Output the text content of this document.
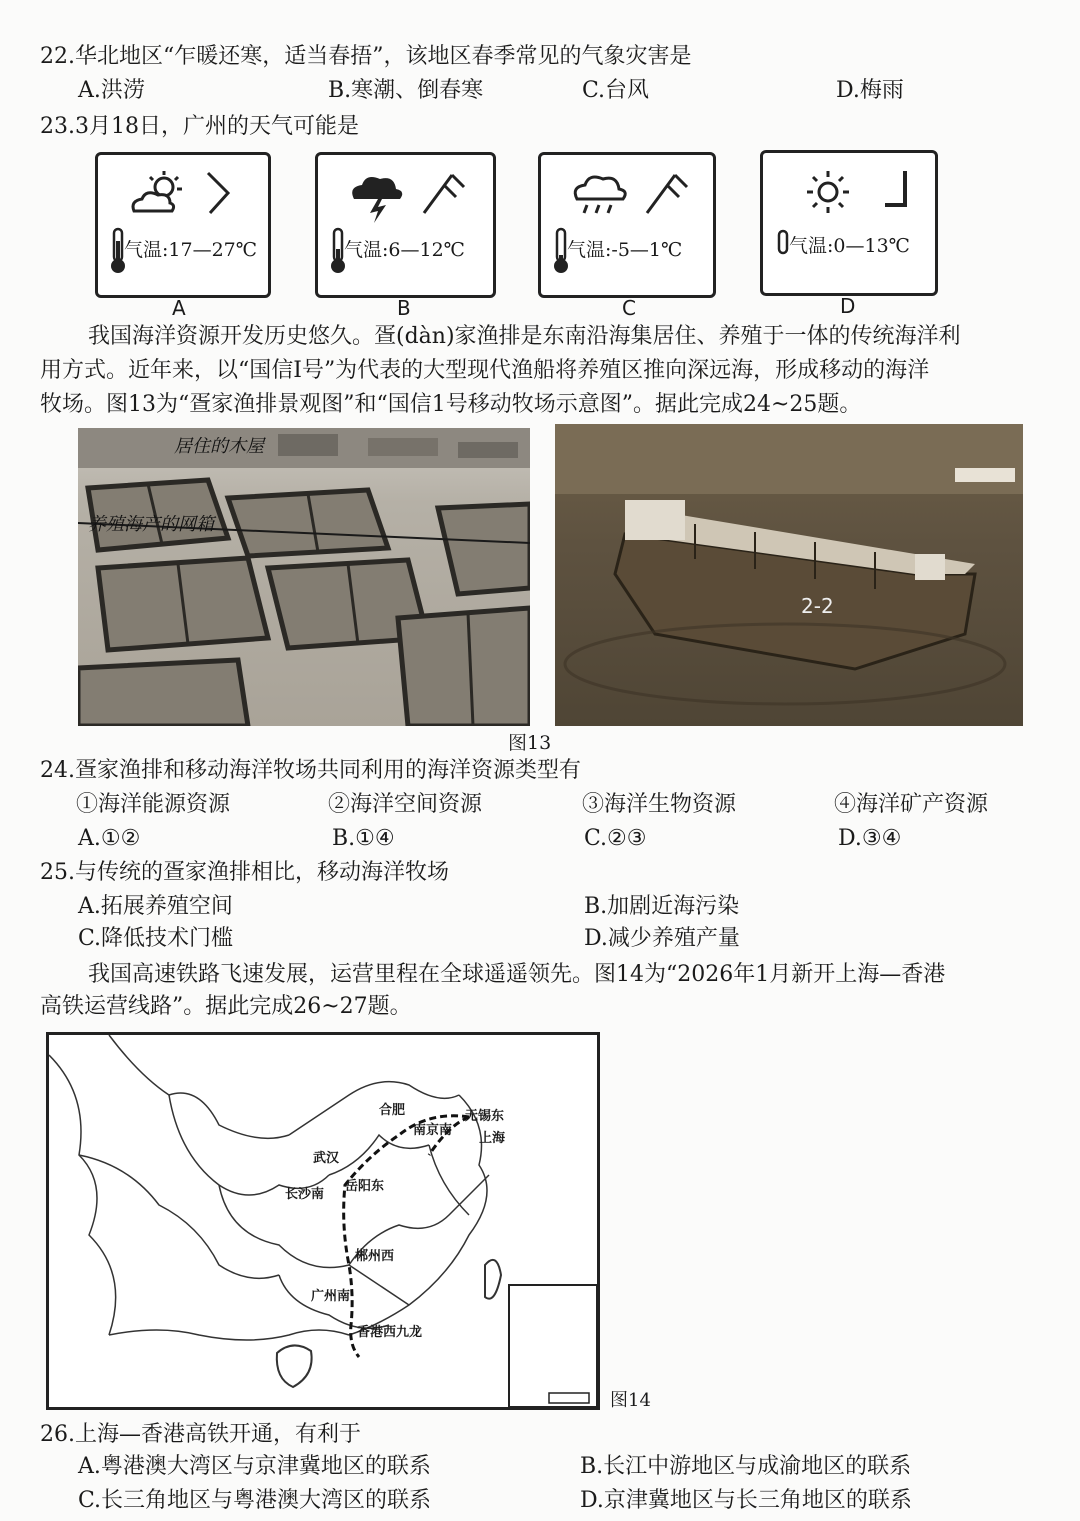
22.华北地区“乍暖还寒，适当春捂”，该地区春季常见的气象灾害是
A.洪涝	B.寒潮、倒春寒	C.台风	D.梅雨
23.3月18日，广州的天气可能是
气温:17—27℃
A
气温:6—12℃
B
气温:-5—1℃
C
气温:0—13℃
D
我国海洋资源开发历史悠久。疍(dàn)家渔排是东南沿海集居住、养殖于一体的传统海洋利
用方式。近年来，以“国信Ⅰ号”为代表的大型现代渔船将养殖区推向深远海，形成移动的海洋
牧场。图13为“疍家渔排景观图”和“国信1号移动牧场示意图”。据此完成24~25题。
居住的木屋
养殖海产的网箱
2-2
图13
24.疍家渔排和移动海洋牧场共同利用的海洋资源类型有
①海洋能源资源	②海洋空间资源	③海洋生物资源	④海洋矿产资源
A.①②	B.①④	C.②③	D.③④
25.与传统的疍家渔排相比，移动海洋牧场
A.拓展养殖空间	B.加剧近海污染
C.降低技术门槛	D.减少养殖产量
我国高速铁路飞速发展，运营里程在全球遥遥领先。图14为“2026年1月新开上海—香港
高铁运营线路”。据此完成26~27题。
合肥	无锡东
南京南
上海
武汉
岳阳东
长沙南
郴州西
广州南
香港西九龙
图14
26.上海—香港高铁开通，有利于
A.粤港澳大湾区与京津冀地区的联系	B.长江中游地区与成渝地区的联系
C.长三角地区与粤港澳大湾区的联系	D.京津冀地区与长三角地区的联系
